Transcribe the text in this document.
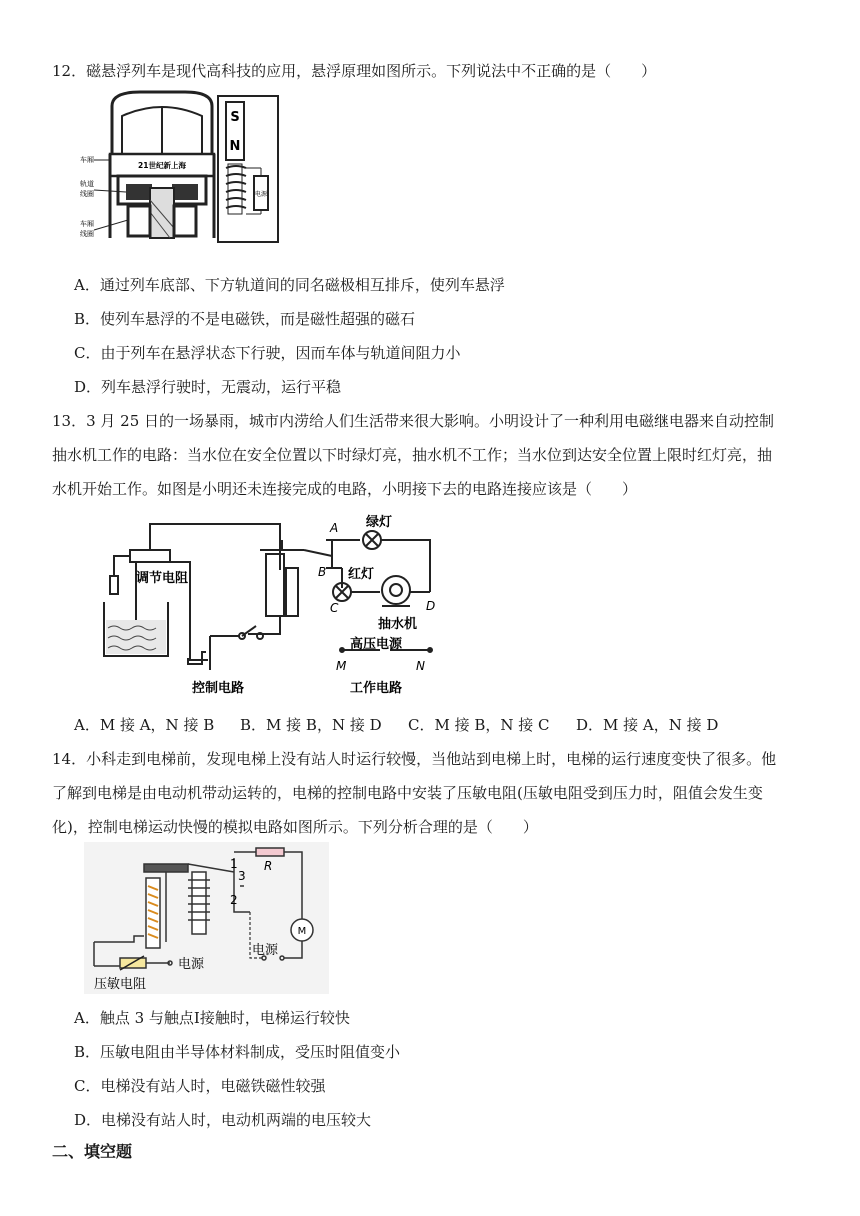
12．磁悬浮列车是现代高科技的应用，悬浮原理如图所示。下列说法中不正确的是（　　）
21世纪新上海
车厢
轨道
线圈
车厢
线圈
S
N
电源
A．通过列车底部、下方轨道间的同名磁极相互排斥，使列车悬浮
B．使列车悬浮的不是电磁铁，而是磁性超强的磁石
C．由于列车在悬浮状态下行驶，因而车体与轨道间阻力小
D．列车悬浮行驶时，无震动，运行平稳
13．3 月 25 日的一场暴雨，城市内涝给人们生活带来很大影响。小明设计了一种利用电磁继电器来自动控制
抽水机工作的电路：当水位在安全位置以下时绿灯亮，抽水机不工作；当水位到达安全位置上限时红灯亮，抽
水机开始工作。如图是小明还未连接完成的电路，小明接下去的电路连接应该是（　　）
调节电阻
控制电路	工作电路
绿灯
红灯
抽水机
高压电源
A
B
C	D
M	N
A．M 接 A，N 接 B B．M 接 B，N 接 D C．M 接 B，N 接 C D．M 接 A，N 接 D
14．小科走到电梯前，发现电梯上没有站人时运行较慢，当他站到电梯上时，电梯的运行速度变快了很多。他
了解到电梯是由电动机带动运转的，电梯的控制电路中安装了压敏电阻(压敏电阻受到压力时，阻值会发生变
化)，控制电梯运动快慢的模拟电路如图所示。下列分析合理的是（　　）
1
3
2
R
M
电源
电源
压敏电阻
A．触点 3 与触点Ⅰ接触时，电梯运行较快
B．压敏电阻由半导体材料制成，受压时阻值变小
C．电梯没有站人时，电磁铁磁性较强
D．电梯没有站人时，电动机两端的电压较大
二、填空题
